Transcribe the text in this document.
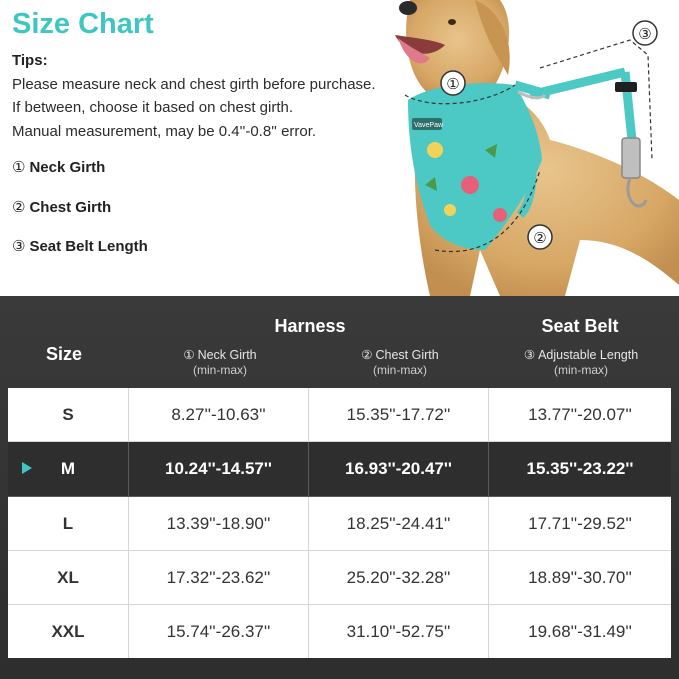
Size Chart
Tips:
Please measure neck and chest girth before purchase.
If between, choose it based on chest girth.
Manual measurement, may be 0.4''-0.8'' error.
① Neck Girth
② Chest Girth
③ Seat Belt Length
VavePaw
①
②
③
Harness	Seat Belt
Size	① Neck Girth
(min-max)
② Chest Girth
(min-max)
③ Adjustable Length
(min-max)
S	8.27''-10.63''	15.35''-17.72''	13.77''-20.07''
M	10.24''-14.57''	16.93''-20.47''	15.35''-23.22''
L	13.39''-18.90''	18.25''-24.41''	17.71''-29.52''
XL	17.32''-23.62''	25.20''-32.28''	18.89''-30.70''
XXL	15.74''-26.37''	31.10''-52.75''	19.68''-31.49''
